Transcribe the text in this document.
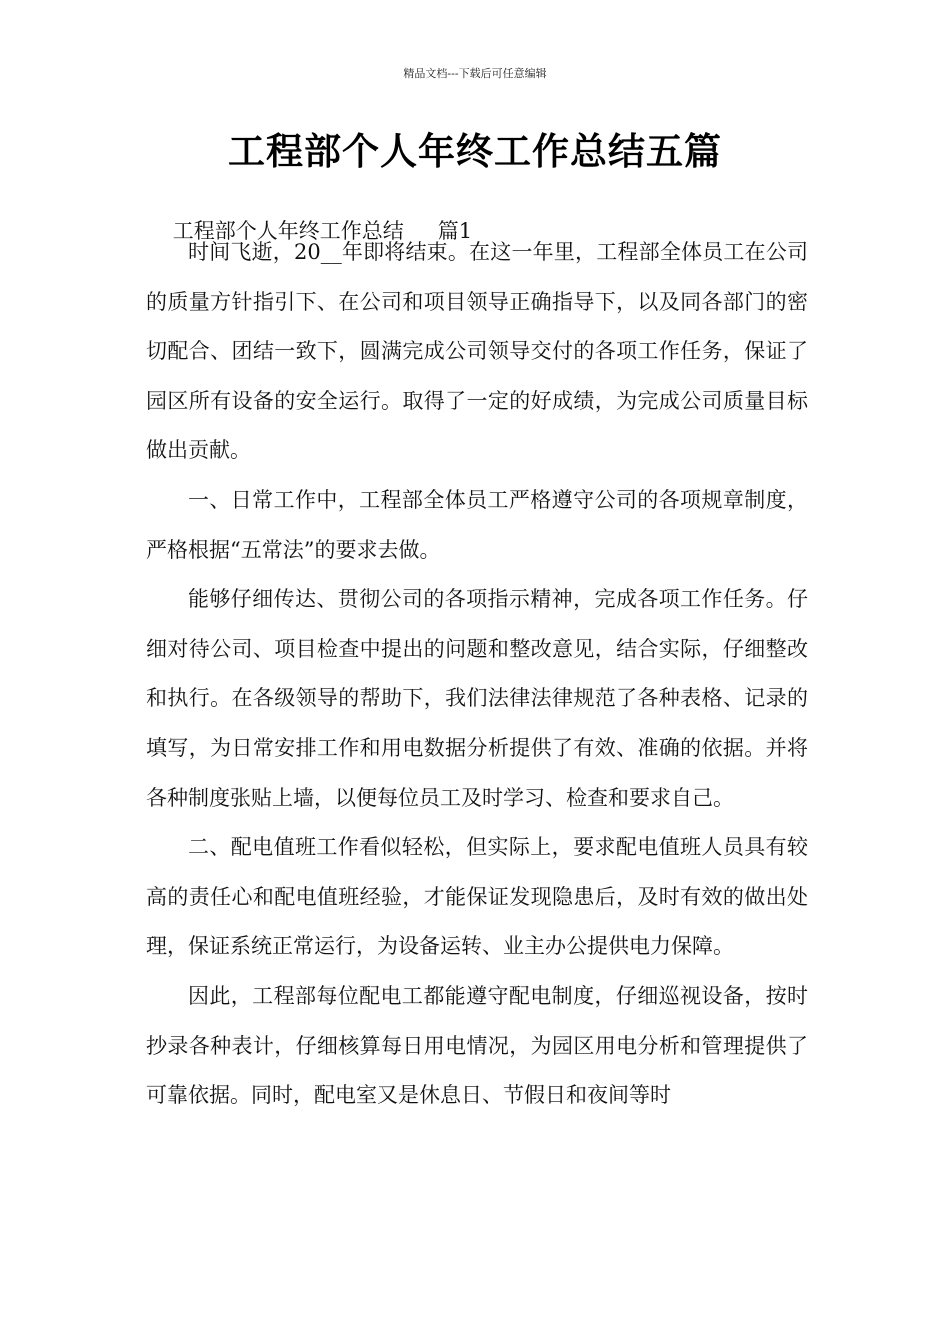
精品文档---下载后可任意编辑
工程部个人年终工作总结五篇

工程部个人年终工作总结 篇1

时间飞逝，20__年即将结束。在这一年里，工程部全体员工在公司的质量方针指引下、在公司和项目领导正确指导下，以及同各部门的密切配合、团结一致下，圆满完成公司领导交付的各项工作任务，保证了园区所有设备的安全运行。取得了一定的好成绩，为完成公司质量目标做出贡献。

一、日常工作中，工程部全体员工严格遵守公司的各项规章制度，严格根据“五常法”的要求去做。

能够仔细传达、贯彻公司的各项指示精神，完成各项工作任务。仔细对待公司、项目检查中提出的问题和整改意见，结合实际，仔细整改和执行。在各级领导的帮助下，我们法律法律规范了各种表格、记录的填写，为日常安排工作和用电数据分析提供了有效、准确的依据。并将各种制度张贴上墙，以便每位员工及时学习、检查和要求自己。

二、配电值班工作看似轻松，但实际上，要求配电值班人员具有较高的责任心和配电值班经验，才能保证发现隐患后，及时有效的做出处理，保证系统正常运行，为设备运转、业主办公提供电力保障。

因此，工程部每位配电工都能遵守配电制度，仔细巡视设备，按时抄录各种表计，仔细核算每日用电情况，为园区用电分析和管理提供了可靠依据。同时，配电室又是休息日、节假日和夜间等时
